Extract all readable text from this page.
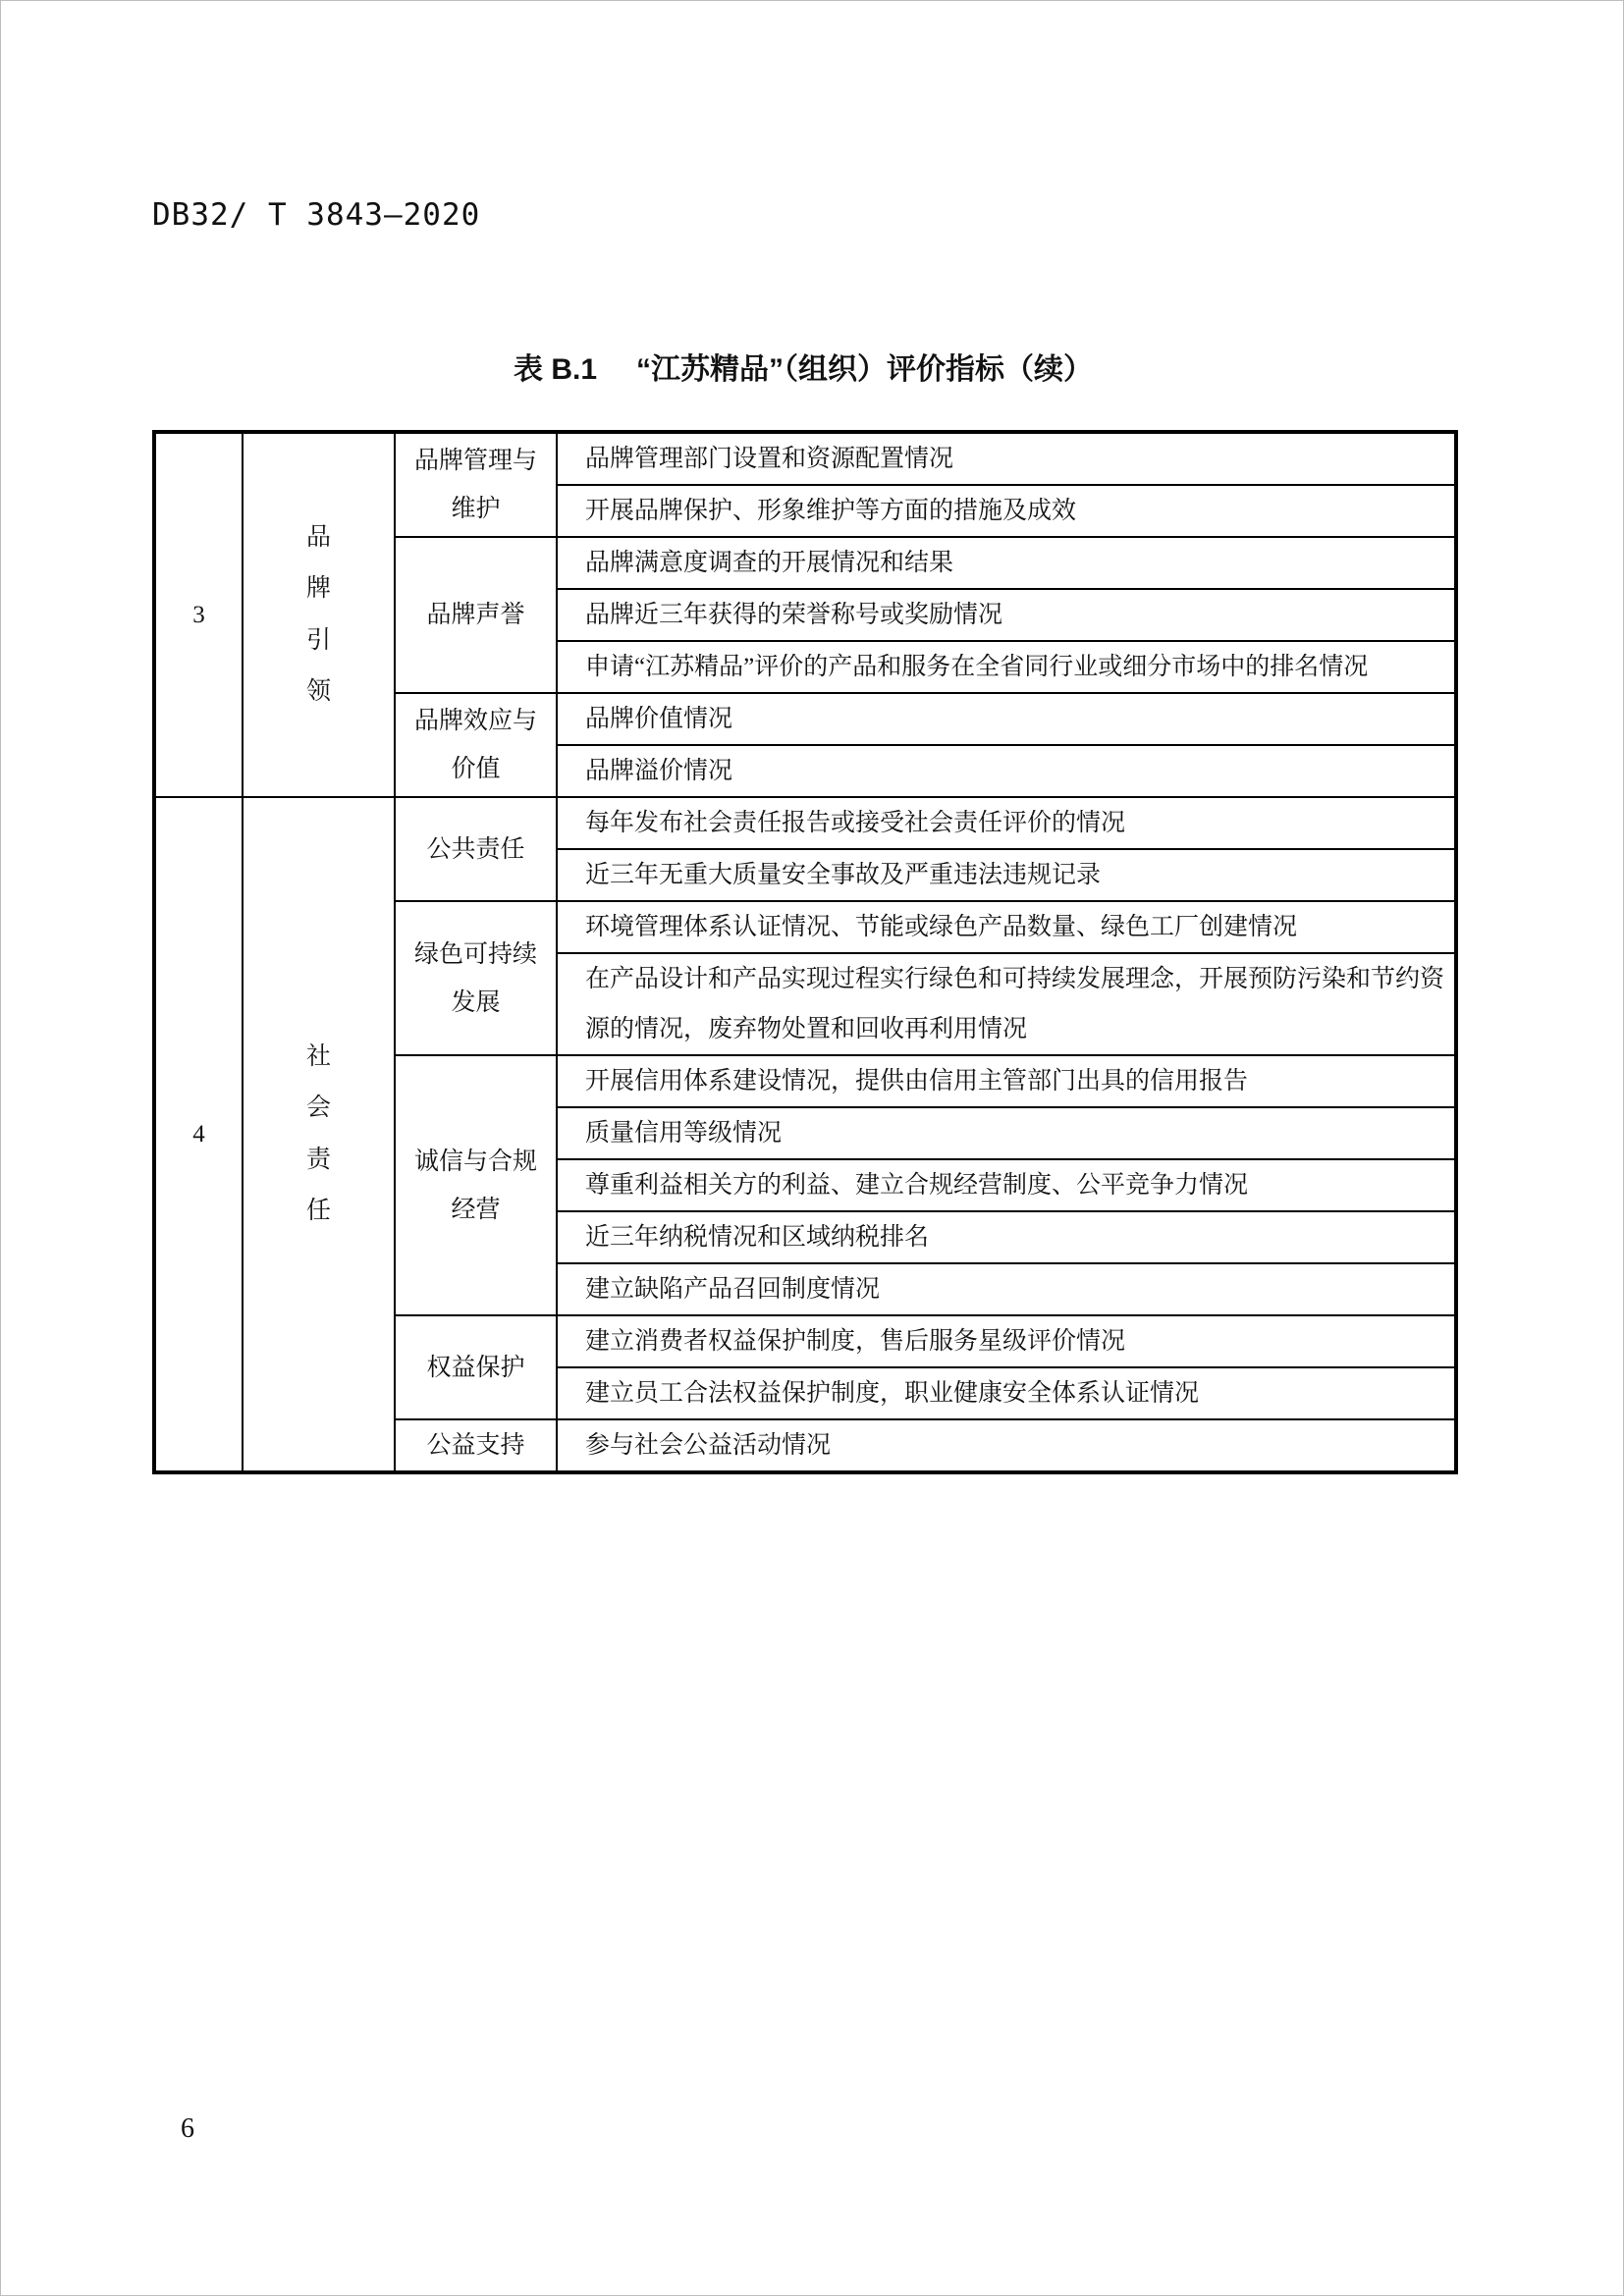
DB32/ T 3843—2020
表 B.1 “江苏精品”（组织）评价指标（续）
3	品牌引领	品牌管理与维护	品牌管理部门设置和资源配置情况
			开展品牌保护、形象维护等方面的措施及成效
		品牌声誉	品牌满意度调查的开展情况和结果
			品牌近三年获得的荣誉称号或奖励情况
			申请“江苏精品”评价的产品和服务在全省同行业或细分市场中的排名情况
		品牌效应与价值	品牌价值情况
			品牌溢价情况
4	社会责任	公共责任	每年发布社会责任报告或接受社会责任评价的情况
			近三年无重大质量安全事故及严重违法违规记录
		绿色可持续发展	环境管理体系认证情况、节能或绿色产品数量、绿色工厂创建情况
			在产品设计和产品实现过程实行绿色和可持续发展理念，开展预防污染和节约资源的情况，废弃物处置和回收再利用情况
		诚信与合规经营	开展信用体系建设情况，提供由信用主管部门出具的信用报告
			质量信用等级情况
			尊重利益相关方的利益、建立合规经营制度、公平竞争力情况
			近三年纳税情况和区域纳税排名
			建立缺陷产品召回制度情况
		权益保护	建立消费者权益保护制度，售后服务星级评价情况
			建立员工合法权益保护制度，职业健康安全体系认证情况
		公益支持	参与社会公益活动情况
6
